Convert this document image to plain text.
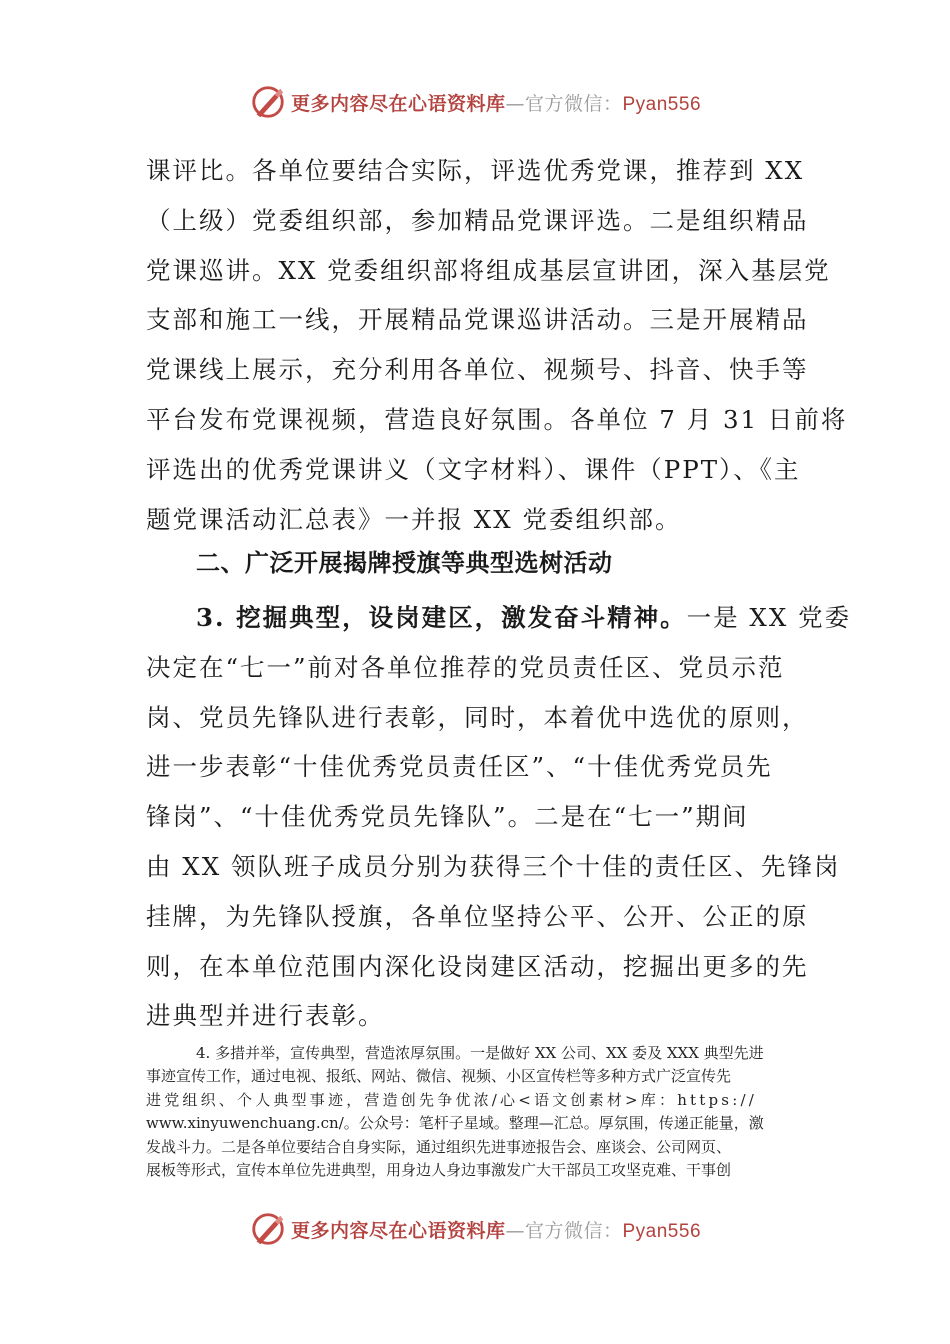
更多内容尽在心语资料库—官方微信：Pyan556
课评比。各单位要结合实际，评选优秀党课，推荐到 XX
（上级）党委组织部，参加精品党课评选。二是组织精品
党课巡讲。XX 党委组织部将组成基层宣讲团，深入基层党
支部和施工一线，开展精品党课巡讲活动。三是开展精品
党课线上展示，充分利用各单位、视频号、抖音、快手等
平台发布党课视频，营造良好氛围。各单位 7 月 31 日前将
评选出的优秀党课讲义（文字材料）、课件（PPT）、《主
题党课活动汇总表》一并报 XX 党委组织部。
二、广泛开展揭牌授旗等典型选树活动
3. 挖掘典型，设岗建区，激发奋斗精神。一是 XX 党委
决定在“七一”前对各单位推荐的党员责任区、党员示范
岗、党员先锋队进行表彰，同时，本着优中选优的原则，
进一步表彰“十佳优秀党员责任区”、“十佳优秀党员先
锋岗”、“十佳优秀党员先锋队”。二是在“七一”期间
由 XX 领队班子成员分别为获得三个十佳的责任区、先锋岗
挂牌，为先锋队授旗，各单位坚持公平、公开、公正的原
则，在本单位范围内深化设岗建区活动，挖掘出更多的先
进典型并进行表彰。
4. 多措并举，宣传典型，营造浓厚氛围。一是做好 XX 公司、XX 委及 XXX 典型先进
事迹宣传工作，通过电视、报纸、网站、微信、视频、小区宣传栏等多种方式广泛宣传先
进党组织、个人典型事迹，营造创先争优浓/心<语文创素材>库：https://
www.xinyuwenchuang.cn/。公众号：笔杆子星域。整理—汇总。厚氛围，传递正能量，激
发战斗力。二是各单位要结合自身实际，通过组织先进事迹报告会、座谈会、公司网页、
展板等形式，宣传本单位先进典型，用身边人身边事激发广大干部员工攻坚克难、干事创
更多内容尽在心语资料库—官方微信：Pyan556
